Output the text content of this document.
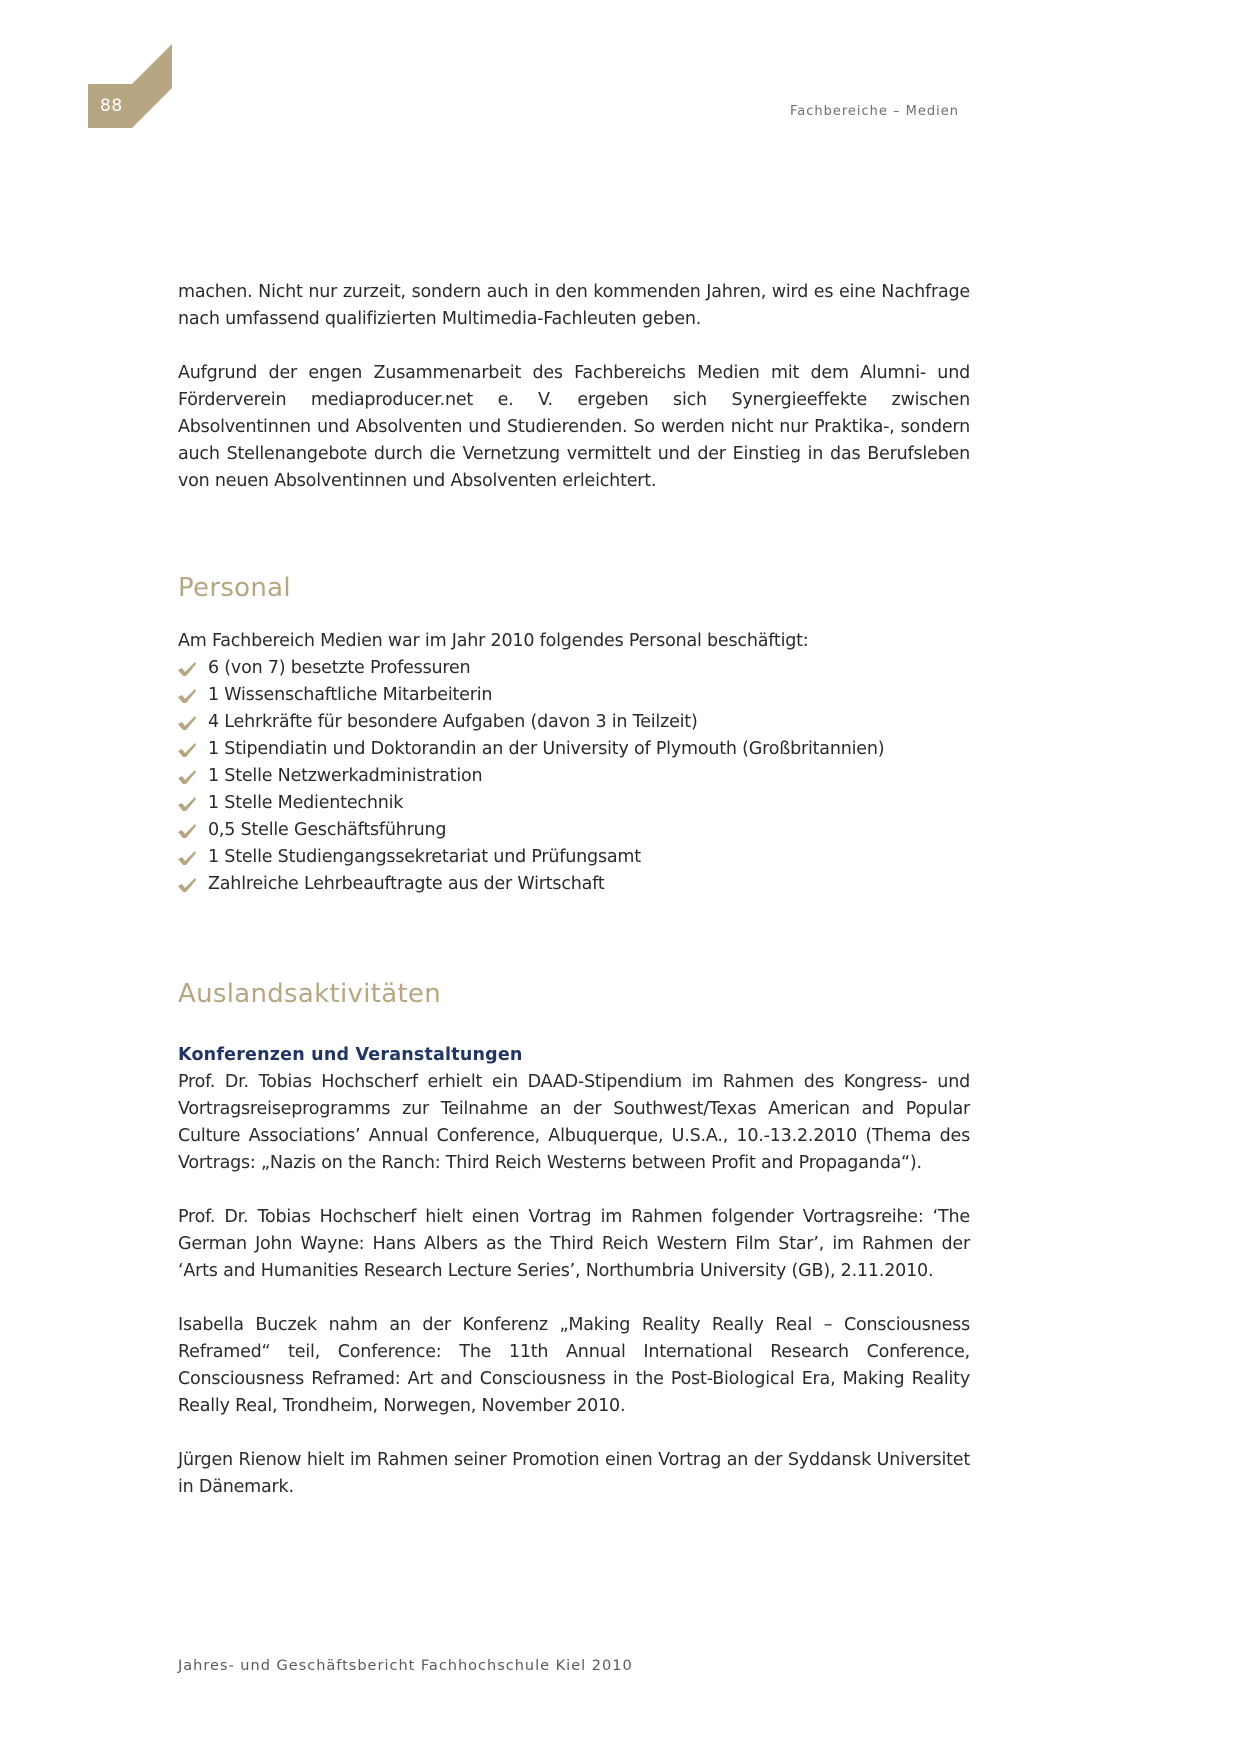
88	Fachbereiche – Medien

machen. Nicht nur zurzeit, sondern auch in den kommenden Jahren, wird es eine Nachfrage nach umfassend qualifizierten Multimedia-Fachleuten geben.

Aufgrund der engen Zusammenarbeit des Fachbereichs Medien mit dem Alumni- und Förderverein mediaproducer.net e. V. ergeben sich Synergieeffekte zwischen Absolventinnen und Absolventen und Studierenden. So werden nicht nur Praktika-, sondern auch Stellenangebote durch die Vernetzung vermittelt und der Einstieg in das Berufsleben von neuen Absolventinnen und Absolventen erleichtert.

Personal

Am Fachbereich Medien war im Jahr 2010 folgendes Personal beschäftigt:

6 (von 7) besetzte Professuren
1 Wissenschaftliche Mitarbeiterin
4 Lehrkräfte für besondere Aufgaben (davon 3 in Teilzeit)
1 Stipendiatin und Doktorandin an der University of Plymouth (Großbritannien)
1 Stelle Netzwerkadministration
1 Stelle Medientechnik
0,5 Stelle Geschäftsführung
1 Stelle Studiengangssekretariat und Prüfungsamt
Zahlreiche Lehrbeauftragte aus der Wirtschaft
Auslandsaktivitäten
Konferenzen und Veranstaltungen

Prof. Dr. Tobias Hochscherf erhielt ein DAAD-Stipendium im Rahmen des Kongress- und Vortragsreiseprogramms zur Teilnahme an der Southwest/Texas American and Popular Culture Associations’ Annual Conference, Albuquerque, U.S.A., 10.-13.2.2010 (Thema des Vortrags: „Nazis on the Ranch: Third Reich Westerns between Profit and Propaganda“).

Prof. Dr. Tobias Hochscherf hielt einen Vortrag im Rahmen folgender Vortragsreihe: ‘The German John Wayne: Hans Albers as the Third Reich Western Film Star’, im Rahmen der ‘Arts and Humanities Research Lecture Series’, Northumbria University (GB), 2.11.2010.

Isabella Buczek nahm an der Konferenz „Making Reality Really Real – Consciousness Reframed“ teil, Conference: The 11th Annual International Research Conference, Consciousness Reframed: Art and Consciousness in the Post-Biological Era, Making Reality Really Real, Trondheim, Norwegen, November 2010.

Jürgen Rienow hielt im Rahmen seiner Promotion einen Vortrag an der Syddansk Universitet in Dänemark.

Jahres- und Geschäftsbericht Fachhochschule Kiel 2010
